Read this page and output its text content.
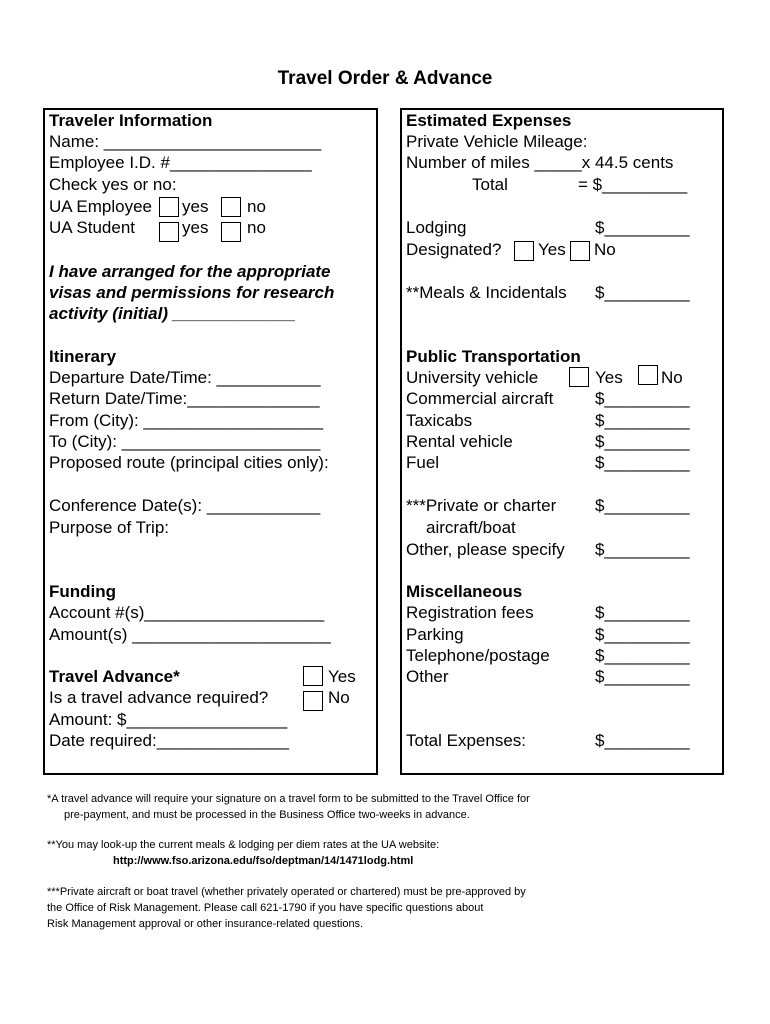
Travel Order & Advance
Traveler Information
Name: _______________________
Employee I.D. #_______________
Check yes or no:
UA Employee yes no
UA Student	yes no
I have arranged for the appropriate
visas and permissions for research
activity (initial) _____________
Itinerary
Departure Date/Time: ___________
Return Date/Time:______________
From (City): ___________________
To (City): _____________________
Proposed route (principal cities only):
Conference Date(s): ____________
Purpose of Trip:
Funding
Account #(s)___________________
Amount(s) _____________________
Travel Advance*	Yes
Is a travel advance required?	No
Amount: $_________________
Date required:______________
Estimated Expenses
Private Vehicle Mileage:
Number of miles _____x 44.5 cents
Total	= $_________
Lodging	$_________
Designated? Yes No
**Meals & Incidentals $_________
Public Transportation
University vehicle	Yes No
Commercial aircraft $_________
Taxicabs	$_________
Rental vehicle	$_________
Fuel	$_________
***Private or charter $_________
aircraft/boat
Other, please specify $_________
Miscellaneous
Registration fees	$_________
Parking	$_________
Telephone/postage	$_________
Other	$_________
Total Expenses:	$_________
*A travel advance will require your signature on a travel form to be submitted to the Travel Office for
pre-payment, and must be processed in the Business Office two-weeks in advance.
**You may look-up the current meals & lodging per diem rates at the UA website:
http://www.fso.arizona.edu/fso/deptman/14/1471lodg.html
***Private aircraft or boat travel (whether privately operated or chartered) must be pre-approved by
the Office of Risk Management. Please call 621-1790 if you have specific questions about
Risk Management approval or other insurance-related questions.
